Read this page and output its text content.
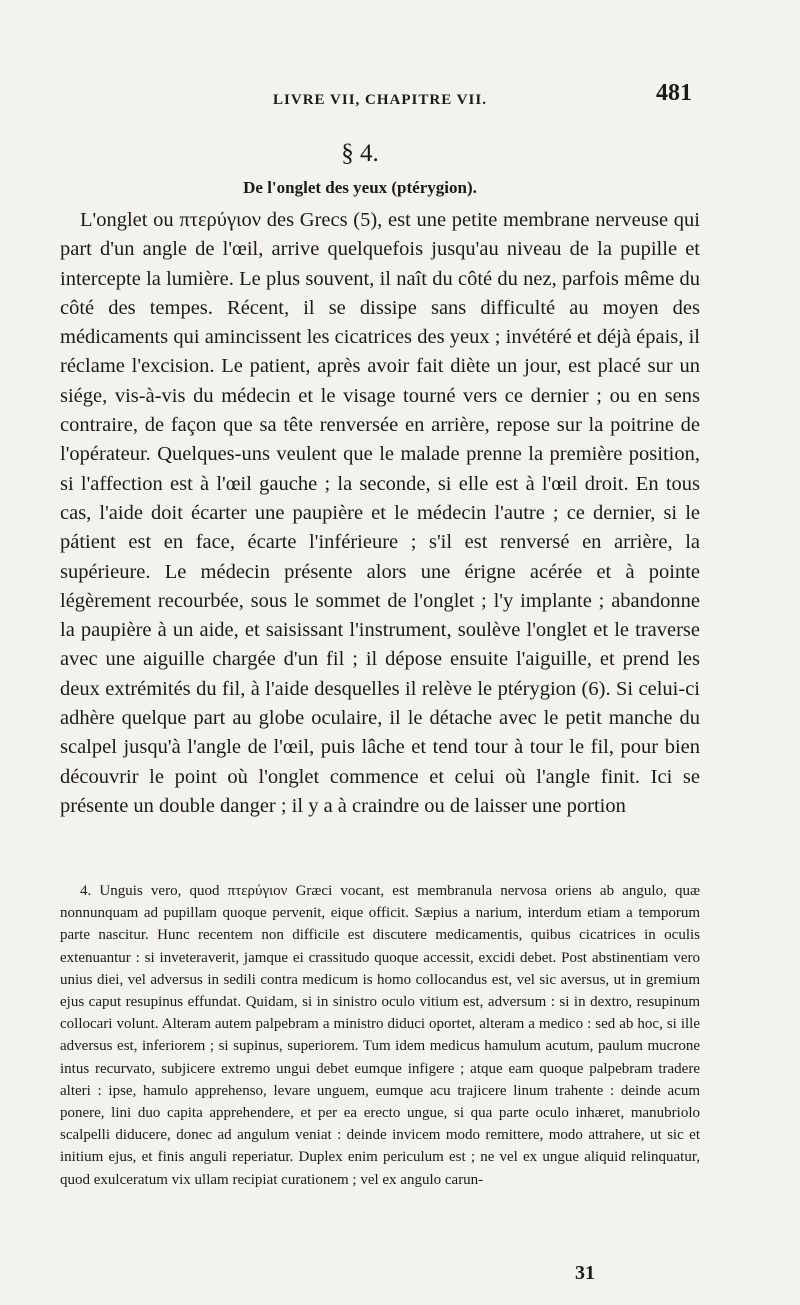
LIVRE VII, CHAPITRE VII.	481
§ 4.
De l'onglet des yeux (ptérygion).

L'onglet ou πτερύγιον des Grecs (5), est une petite membrane nerveuse qui part d'un angle de l'œil, arrive quelquefois jusqu'au niveau de la pupille et intercepte la lumière. Le plus souvent, il naît du côté du nez, parfois même du côté des tempes. Récent, il se dissipe sans difficulté au moyen des médicaments qui amincissent les cicatrices des yeux ; invétéré et déjà épais, il réclame l'excision. Le patient, après avoir fait diète un jour, est placé sur un siége, vis-à-vis du médecin et le visage tourné vers ce dernier ; ou en sens contraire, de façon que sa tête renversée en arrière, repose sur la poitrine de l'opérateur. Quelques-uns veulent que le malade prenne la première position, si l'affection est à l'œil gauche ; la seconde, si elle est à l'œil droit. En tous cas, l'aide doit écarter une paupière et le médecin l'autre ; ce dernier, si le pátient est en face, écarte l'inférieure ; s'il est renversé en arrière, la supérieure. Le médecin présente alors une érigne acérée et à pointe légèrement recourbée, sous le sommet de l'onglet ; l'y implante ; abandonne la paupière à un aide, et saisissant l'instrument, soulève l'onglet et le traverse avec une aiguille chargée d'un fil ; il dépose ensuite l'aiguille, et prend les deux extrémités du fil, à l'aide desquelles il relève le ptérygion (6). Si celui-ci adhère quelque part au globe oculaire, il le détache avec le petit manche du scalpel jusqu'à l'angle de l'œil, puis lâche et tend tour à tour le fil, pour bien découvrir le point où l'onglet commence et celui où l'angle finit. Ici se présente un double danger ; il y a à craindre ou de laisser une portion

4. Unguis vero, quod πτερύγιον Græci vocant, est membranula nervosa oriens ab angulo, quæ nonnunquam ad pupillam quoque pervenit, eique officit. Sæpius a narium, interdum etiam a temporum parte nascitur. Hunc recentem non difficile est discutere medicamentis, quibus cicatrices in oculis extenuantur : si inveteraverit, jamque ei crassitudo quoque accessit, excidi debet. Post abstinentiam vero unius diei, vel adversus in sedili contra medicum is homo collocandus est, vel sic aversus, ut in gremium ejus caput resupinus effundat. Quidam, si in sinistro oculo vitium est, adversum : si in dextro, resupinum collocari volunt. Alteram autem palpebram a ministro diduci oportet, alteram a medico : sed ab hoc, si ille adversus est, inferiorem ; si supinus, superiorem. Tum idem medicus hamulum acutum, paulum mucrone intus recurvato, subjicere extremo ungui debet eumque infigere ; atque eam quoque palpebram tradere alteri : ipse, hamulo apprehenso, levare unguem, eumque acu trajicere linum trahente : deinde acum ponere, lini duo capita apprehendere, et per ea erecto ungue, si qua parte oculo inhæret, manubriolo scalpelli diducere, donec ad angulum veniat : deinde invicem modo remittere, modo attrahere, ut sic et initium ejus, et finis anguli reperiatur. Duplex enim periculum est ; ne vel ex ungue aliquid relinquatur, quod exulceratum vix ullam recipiat curationem ; vel ex angulo carun-

31
